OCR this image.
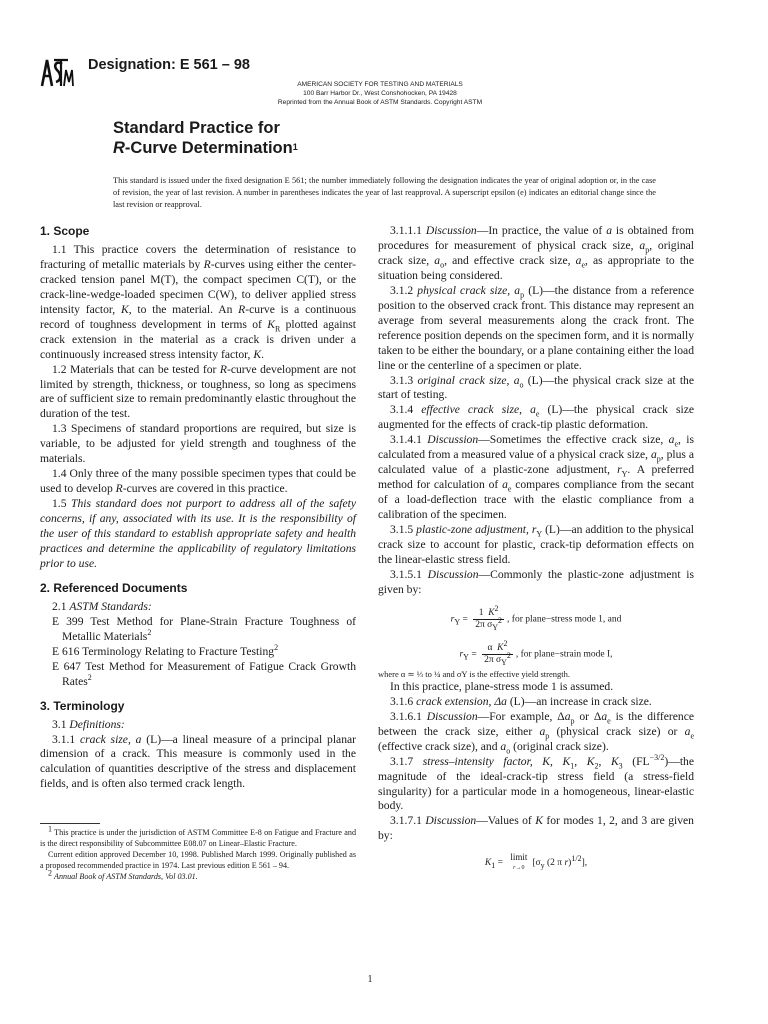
Designation: E 561 – 98
AMERICAN SOCIETY FOR TESTING AND MATERIALS
100 Barr Harbor Dr., West Conshohocken, PA 19428
Reprinted from the Annual Book of ASTM Standards. Copyright ASTM
Standard Practice for
R-Curve Determination$^1$
This standard is issued under the fixed designation E 561; the number immediately following the designation indicates the year of original adoption or, in the case of revision, the year of last revision. A number in parentheses indicates the year of last reapproval. A superscript epsilon (e) indicates an editorial change since the last revision or reapproval.
1. Scope

1.1 This practice covers the determination of resistance to fracturing of metallic materials by R-curves using either the center-cracked tension panel M(T), the compact specimen C(T), or the crack-line-wedge-loaded specimen C(W), to deliver applied stress intensity factor, K, to the material. An R-curve is a continuous record of toughness development in terms of $K_R$ plotted against crack extension in the material as a crack is driven under a continuously increased stress intensity factor, K.

1.2 Materials that can be tested for R-curve development are not limited by strength, thickness, or toughness, so long as specimens are of sufficient size to remain predominantly elastic throughout the duration of the test.

1.3 Specimens of standard proportions are required, but size is variable, to be adjusted for yield strength and toughness of the materials.

1.4 Only three of the many possible specimen types that could be used to develop R-curves are covered in this practice.

1.5 This standard does not purport to address all of the safety concerns, if any, associated with its use. It is the responsibility of the user of this standard to establish appropriate safety and health practices and determine the applicability of regulatory limitations prior to use.

2. Referenced Documents

2.1 ASTM Standards:

E 399 Test Method for Plane-Strain Fracture Toughness of Metallic Materials$^2$

E 616 Terminology Relating to Fracture Testing$^2$

E 647 Test Method for Measurement of Fatigue Crack Growth Rates$^2$

3. Terminology

3.1 Definitions:

3.1.1 crack size, a (L)—a lineal measure of a principal planar dimension of a crack. This measure is commonly used in the calculation of quantities descriptive of the stress and displacement fields, and is often also termed crack length.

1 This practice is under the jurisdiction of ASTM Committee E-8 on Fatigue and Fracture and is the direct responsibility of Subcommittee E08.07 on Linear–Elastic Fracture.

Current edition approved December 10, 1998. Published March 1999. Originally published as a proposed recommended practice in 1974. Last previous edition E 561 – 94.

2 Annual Book of ASTM Standards, Vol 03.01.

3.1.1.1 Discussion—In practice, the value of a is obtained from procedures for measurement of physical crack size, $a_p$, original crack size, $a_o$, and effective crack size, $a_e$, as appropriate to the situation being considered.

3.1.2 physical crack size, $a_p$ (L)—the distance from a reference position to the observed crack front. This distance may represent an average from several measurements along the crack front. The reference position depends on the specimen form, and it is normally taken to be either the boundary, or a plane containing either the load line or the centerline of a specimen or plate.

3.1.3 original crack size, $a_o$ (L)—the physical crack size at the start of testing.

3.1.4 effective crack size, $a_e$ (L)—the physical crack size augmented for the effects of crack-tip plastic deformation.

3.1.4.1 Discussion—Sometimes the effective crack size, $a_e$, is calculated from a measured value of a physical crack size, $a_p$, plus a calculated value of a plastic-zone adjustment, $r_Y$. A preferred method for calculation of $a_e$ compares compliance from the secant of a load-deflection trace with the elastic compliance from a calibration of the specimen.

3.1.5 plastic-zone adjustment, $r_Y$ (L)—an addition to the physical crack size to account for plastic, crack-tip deformation effects on the linear-elastic stress field.

3.1.5.1 Discussion—Commonly the plastic-zone adjustment is given by:

$r_Y = \frac{1 K^2}{2\pi \sigma_Y^2}$ , for plane−stress mode 1, and
$r_Y = \frac{\alpha K^2}{2\pi \sigma_Y^2}$ , for plane−strain mode I,

where α ≃ ⅓ to ¼ and σY is the effective yield strength.

In this practice, plane-stress mode 1 is assumed.

3.1.6 crack extension, Δa (L)—an increase in crack size.

3.1.6.1 Discussion—For example, $\Delta a_p$ or $\Delta a_e$ is the difference between the crack size, either $a_p$ (physical crack size) or $a_e$ (effective crack size), and $a_o$ (original crack size).

3.1.7 stress–intensity factor, K, $K_1$, $K_2$, $K_3$ $(FL^{-3/2})—the$ magnitude of the ideal-crack-tip stress field (a stress-field singularity) for a particular mode in a homogeneous, linear-elastic body.

3.1.7.1 Discussion—Values of K for modes 1, 2, and 3 are given by:

$K_1$ =
limit
r→0 [$\sigma_y$ (2 π r)$^{1/2}$],
1
